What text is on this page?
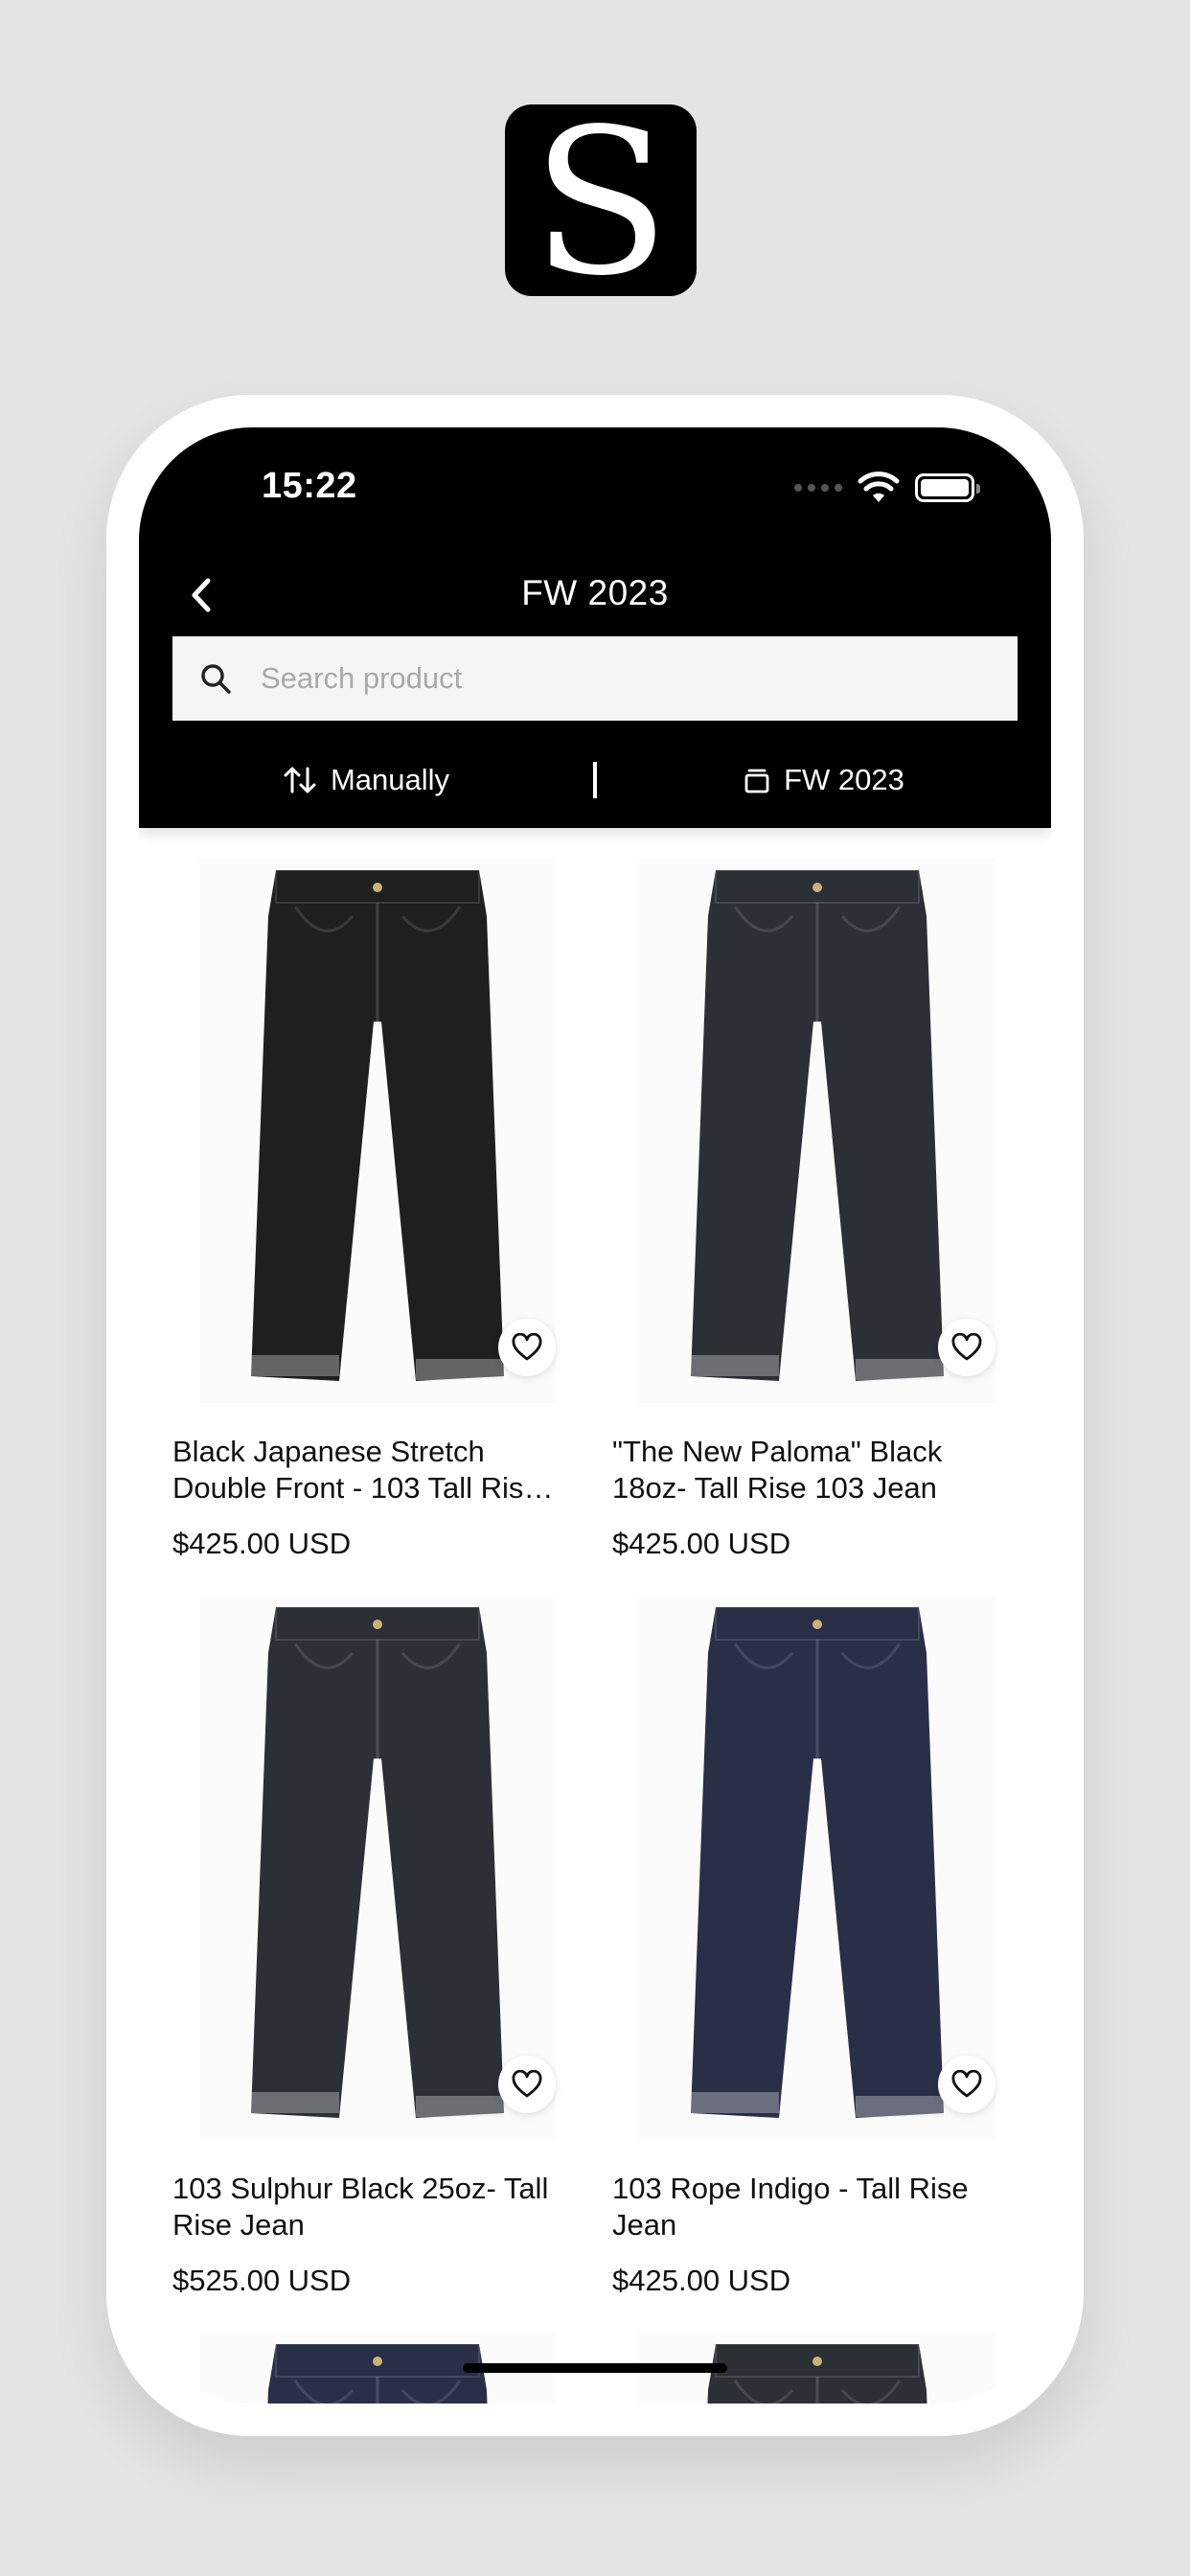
S
15:22
FW 2023
Search product
Manually	FW 2023
Black Japanese Stretch Double Front - 103 Tall Rise
$425.00 USD
"The New Paloma" Black 18oz- Tall Rise 103 Jean
$425.00 USD
103 Sulphur Black 25oz- Tall Rise Jean
$525.00 USD
103 Rope Indigo - Tall Rise Jean
$425.00 USD
